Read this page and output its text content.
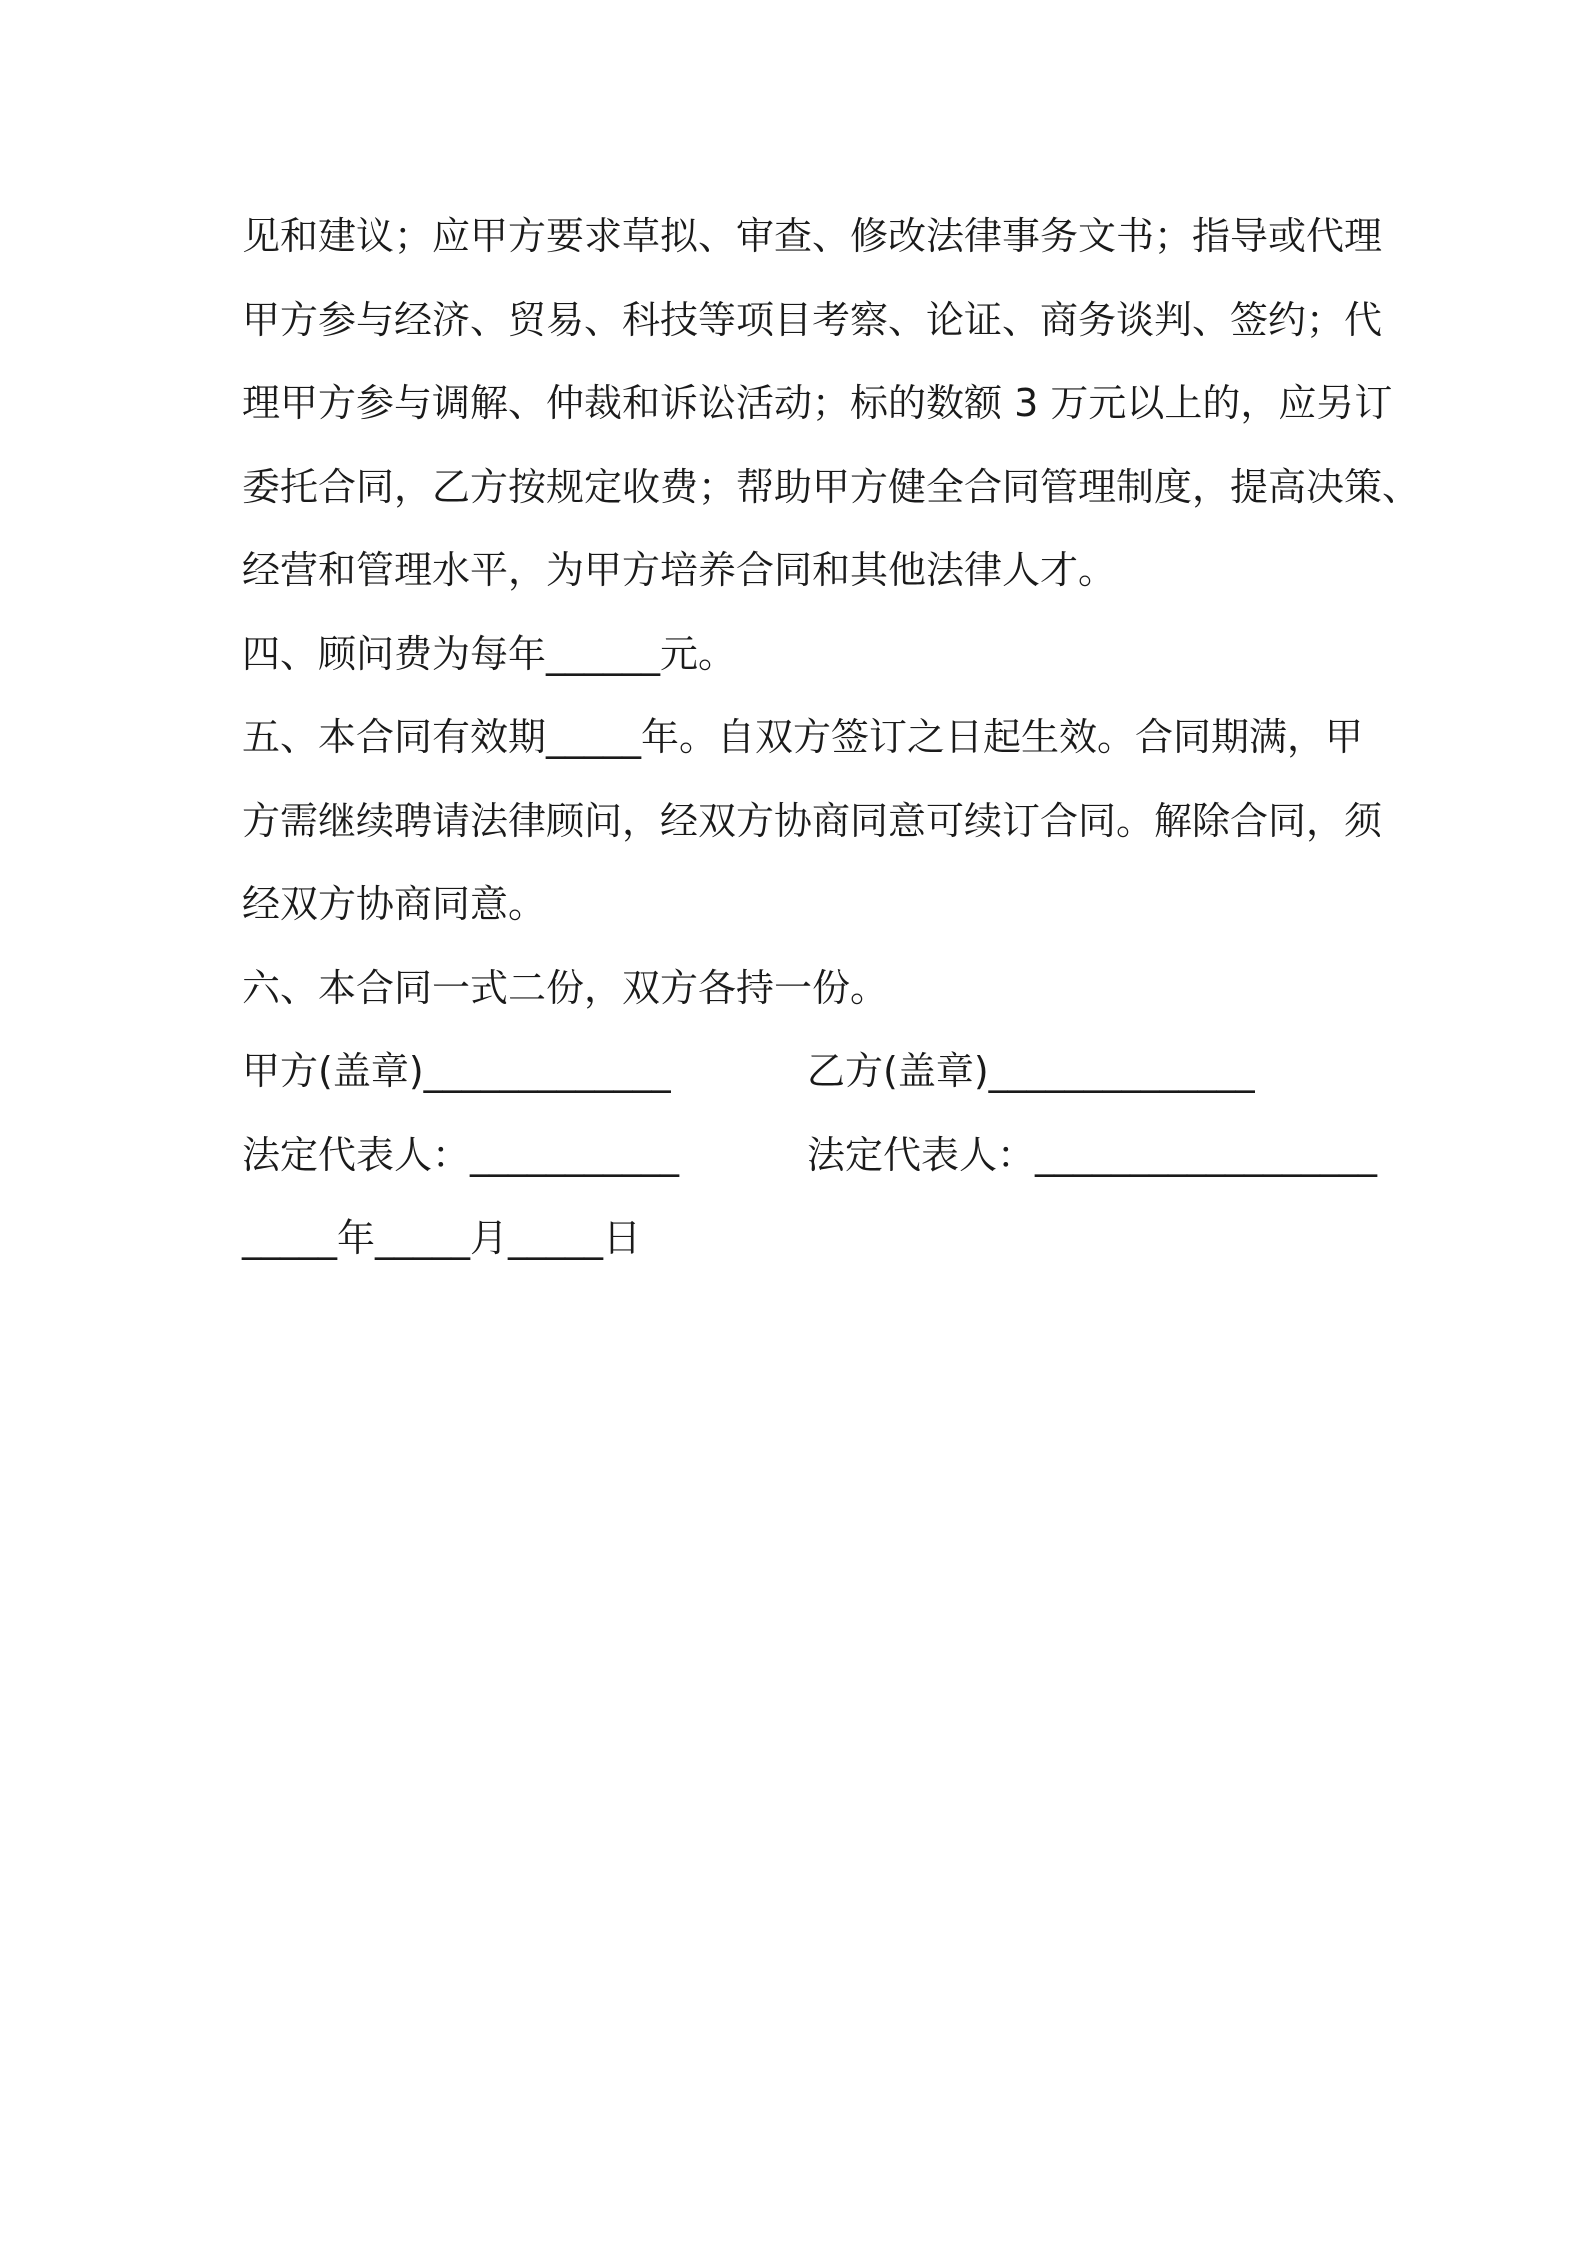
见和建议；应甲方要求草拟、审查、修改法律事务文书；指导或代理

甲方参与经济、贸易、科技等项目考察、论证、商务谈判、签约；代

理甲方参与调解、仲裁和诉讼活动；标的数额 3 万元以上的，应另订

委托合同，乙方按规定收费；帮助甲方健全合同管理制度，提高决策、

经营和管理水平，为甲方培养合同和其他法律人才。

四、顾问费为每年______元。

五、本合同有效期_____年。自双方签订之日起生效。合同期满，甲

方需继续聘请法律顾问，经双方协商同意可续订合同。解除合同，须

经双方协商同意。

六、本合同一式二份，双方各持一份。

甲方(盖章)_____________	乙方(盖章)______________
法定代表人：___________	法定代表人：__________________
_____年_____月_____日
